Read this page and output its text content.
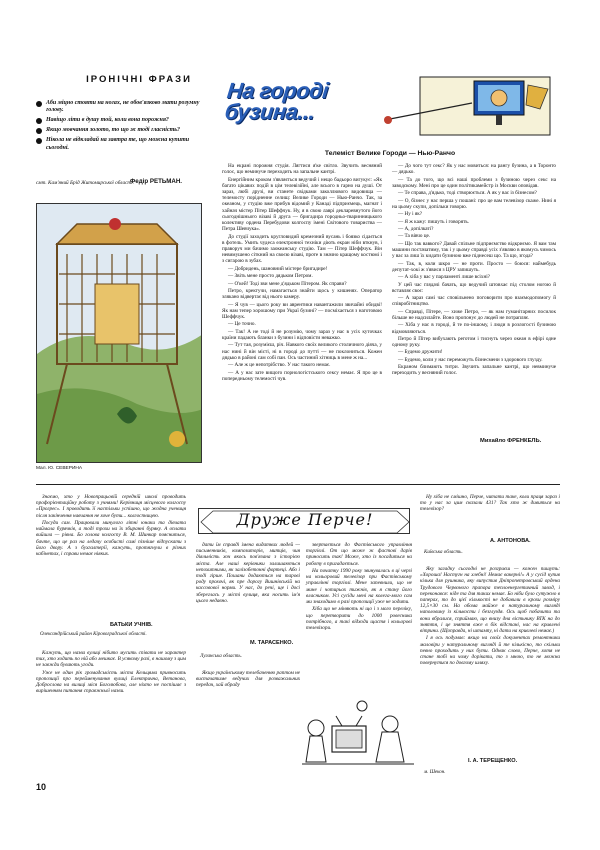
ІРОНІЧНІ ФРАЗИ
Аби міцно стояти на ногах, не обов'язково мати розумну голову.
Навіщо літи в душу той, коли вона порожня?
Якщо мовчання золото, то що ж тоді гласність?
Нікола не відкладай на завтра те, що можна купити сьогодні.
Федір РЕТЬМАН.
смт. Кам'яний Брід Житомирської області.
Мал. Ю. СЕВЕРИНА
На городі
бузина...
Телеміст Велике Городи — Нью-Ранчо

На екрані порожня студія. Лягтися я'ке світло. Звучить весняний голос, що неминуче переходить на запальне кантрі.

Енергійним кроком з'являється ведучий і нещо бадьоро вигукує: «Як багато цікавих подій в цім телевізійні, але всього в гарно на душі. От зараз, любі друзі, ви станете свідками заколлювого видовища — телемосту порідненне селищ: Велике Городи — Нью-Ранчо. Так, за океаном, у студію вже прибув відомий у Канаді підприємець, магнат і хайнач містер Пітер Шеффчук. Ну, я в свою лаврі декларевнутого його сьогоднішнього візаві й друга — бригадира городньо-тваринницького колективу ордена Перебудови колгоспу імені Світового товариства — Петра Шевчука».

До студії заходить кругловидий кремезний вусань і боязко сідається в фотель. Умить чудеса електронної техніки діють екран ніби вткнув, і праворуч ми бачимо заокеанську студію. Там — Пітер Шеффчук. Він невимушено сіткний на своєю візаві, проте в значно кращому костюмі і з сигарою в зубах.

— Добридень, шановний містере бригадире!

— Звіть мене просто дядьком Петром.

— О'кей! Тоді зви мене д'ядьком Пітером. Як справи?

Петро, кректучи, намагається знайти щось у кишенях. Оператор злякано відвертає від нього камеру.

— Я чув — цього року ви аврентики навантажили звичайні обидві! Як нам тепер хорошому при Украї бузині? — посміхається з наготовою Шеффчук.

— Це точно.

— Так! А не тоді й не розумію, чому зараз у нас в усіх куточках країни падають бланки з бузини і відповісти неважко.

— Тут тая, розумієш, річ. Навкого своїх великого столичного діяча, у нас нині й він місті, ні в городі до путті — не поклониться. Кожен дядько в районі сам собі пан. Ось частиний хітниць в мене ж на...

— Але ж це непотрібство. У нас такого немає.

— А у нас зате вищого порнологістського сексу немає. Я про це в попередньому телемості чув.

— До чого тут секс? Як у нас мовиться: на рангу бузина, а в Торонто — дядько.

— Та до того, що всі наші проблеми з бузиною через секс на заводскому. Мені про це один політикамейстр із Москви оповідав.

— Те справа, д'ядько, тоді створюється. А як у вас із бізнесом?

— О, бізнес у нас перша у пошані: про це вам телевізор скаже. Нині я на цьому скупи, допільки говорю.

— Ну і як?

— Я ж кажу: пишуть і говорять.

— А, допілкаті?

— Та вівчо це.

— Що так вавкого? Давай спільне підприємство відкриємо. Я вам там машини постачатиму, так і у цьому справді усіх з'являю в якомусь чимось у вас за лиш їх кидати бузиною вже піднесеш що. Та що, згода?

— Так, в, коли шкро — не проти. Просто — боюся: наймебудь депутат-хокі ж з'явися з ЦРУ запишуть.

— А хіба у вас у парламенті лише всіхні?

У цей час глядачі бачать, що ведучий штовхає під столом ногою й вставляє своє:

— А зараз самі час сповільнено поговорити про взаємодопомогу й співробітництво.

— Справді, Пітере, — хиже Петро, — як нам гуманітарних посилок більше не надсилайте. Воно пропонує до людей не потрапляє.

— Хіба у нас в городі, й те по-іншому, і люди в розлогості бузиною відмовляються.

Петро й Пітер вибухають реготом і тиснуть через океан в ефірі одне одному руку.

— Будемо дружити!

— Будемо, коли у нас переможуть бізнесмени з здорового глузду.

Екраном блимають титри. Звучить запальне кантрі, що невминуче переходить у весняний голос.

Михайло ФРЕНКЕЛЬ.

Знаємо, хто у Новопрацьовій середній школі проводить профорієнтаційну роботу з учнями! Керівниця місцевого колгоспу «Прогрес». І проводить її настільки успішно, що жодна учениця після закінчення навчання не хоче бути... колгоспницею.

Посуди сам. Працювали минулого літні юнаки та дівчата наймала бурячків, а тоді трохи на їх збиранні буряку. А оплати вийшла — рівна. Бо голова колгоспу В. М. Шинкар поясниться, бачте, що це раз на ледачу особисті самі пізніше відпускати з його двору. А з бухгалтерії, кажуть, протягнули в різних кабінетах, і справи немає ніяких.

БАТЬКИ УЧНІВ.
Олександрійський район Кіровоградської області.

Кажуть, що назва вулиці нібито мусить співати не характер тих, хто ходить по ній або мешкає. В усякому разі, в нашому з цим не завжди бувають угоди.

Уже не один рік громадськість міста Кельцяма привносить пропозиції про перейменування вулиці Електрична, Ветанова, Доброслова на вилиці міся Боголюбова, але ніхто не поспішає з вирішенням питання справжньої назви.

Друже Перче!

дати їм справді імена видатних людей — письменників, композиторів, митців, чия діяльність хоч якось пов'язана з історією міста. Але наші керівники залишаються непохитними, як залізобетонні фортеці. Або і тоді гірше. Пошани додаються на тарові роду прохочі, як пре дорогу Вишнівській на кассовової норми. У нас, до речі, ще і досі збереглась у місті вулиця, яка носить ім'я цього недавно.

М. ТАРАСЕНКО.
Луганська область.

Якщо українському телебаченню раптом не вистачатиме ведучих для розважальних передач, хай обраду

звертається до Фастівського управління торгівлі. От що може ж фастові дарів приносить так! Може, хто із посадиться на роботу в пригадається.

На початку 1990 року звинувалась в ці черзі на кольоровий телевізор при Фастівському управлінні торгівлі. Мене запевнили, що не мине і чотирьох тижнів, як я стану його власником. Усі сусіди мені на колега-мого сам ми знаходимо в разі пропозиції уже не ходити.

Хіба що не міняють ні що і з мого переліку, що перетворити до 1000 ровесника потрібного, а такі відходи щастя і кольорові телевізори.

Ну хіба не смішно, Перче, читати таке, коли праця зараз і то у нас за цим сказали 431? Так хто ж дивиться на телевізор?

А. АНТОНОВА.
Київська область.

Яку загадку сьогодні не розгриєш — кожен пишуть: «Хороша! Настугн на хлебні! Немає вакерні!» А у сусід купив кілька для рушника, яку випустив Дніпропетровський ордена Трудового Червоного прапора теплоенергетичний завод, і переконався: ніде та для таких немає. Бо ніби було сутужно в паперах, то до цієї кількості не добавили в крохи розміру 12,5×30 см. На обома майже в натуральному вигляді наполовину із кількости і безглуздя. Ось щоб побачити та вони вбралися, сприймаю, що внизу дна вістьнику ВТК на до зняття, і це зняття вже в бік відстані, нас на кривлені вітрини. (Щоправда, ні штампу, ні дати на кривлеві немає.)

І я ось подумав: якщо на своїх документах ремонтники маловіри у натуральному вигляді й те кількісно, то скільки певно проходить у них бути. Однак слово, Перче, хотя не стане тобі на чому дорікати, то з мною, то не можна повернутися по довгому шляху.

І. А. ТЕРЕЩЕНКО.
м. Шекон.
10
